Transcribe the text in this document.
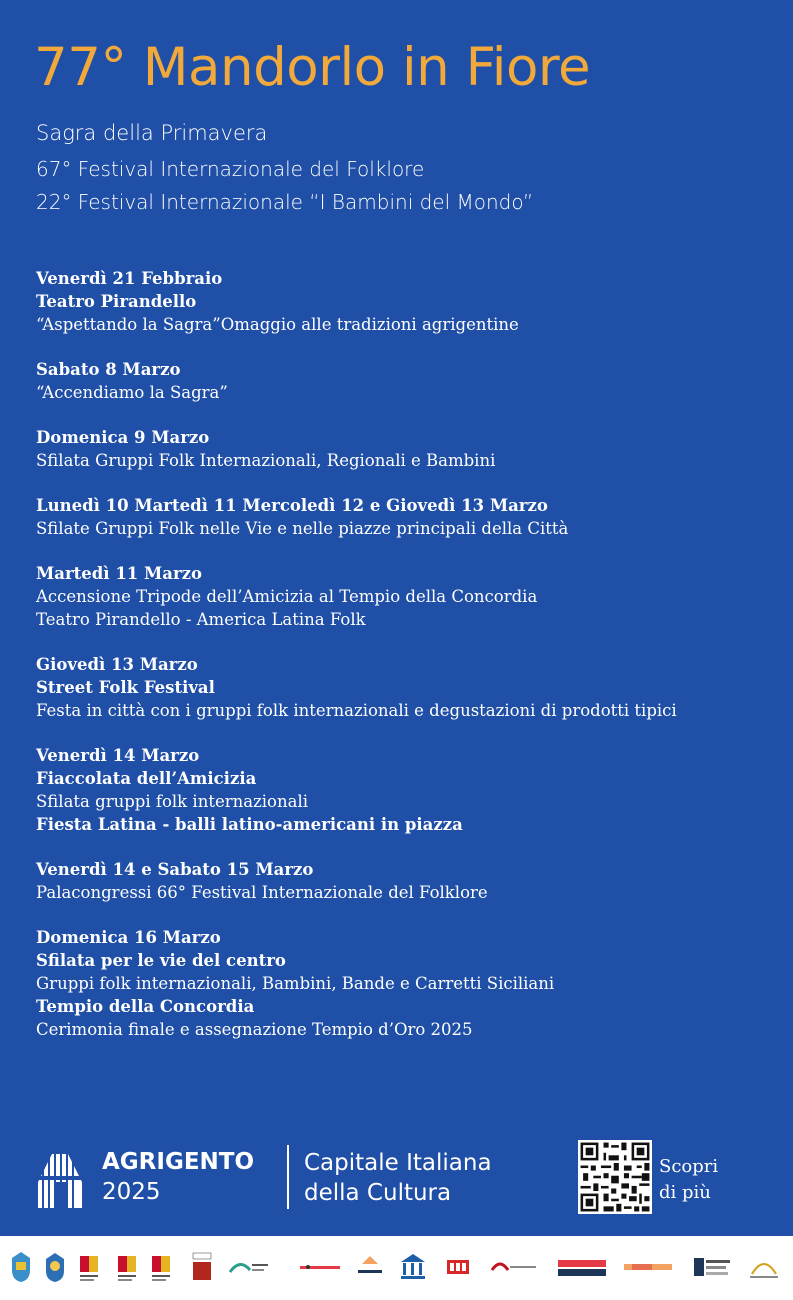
77° Mandorlo in Fiore
Sagra della Primavera
67° Festival Internazionale del Folklore
22° Festival Internazionale “I Bambini del Mondo”
Venerdì 21 Febbraio
Teatro Pirandello
“Aspettando la Sagra”Omaggio alle tradizioni agrigentine
Sabato 8 Marzo
“Accendiamo la Sagra”
Domenica 9 Marzo
Sfilata Gruppi Folk Internazionali, Regionali e Bambini
Lunedì 10 Martedì 11 Mercoledì 12 e Giovedì 13 Marzo
Sfilate Gruppi Folk nelle Vie e nelle piazze principali della Città
Martedì 11 Marzo
Accensione Tripode dell’Amicizia al Tempio della Concordia
Teatro Pirandello - America Latina Folk
Giovedì 13 Marzo
Street Folk Festival
Festa in città con i gruppi folk internazionali e degustazioni di prodotti tipici
Venerdì 14 Marzo
Fiaccolata dell’Amicizia
Sfilata gruppi folk internazionali
Fiesta Latina - balli latino-americani in piazza
Venerdì 14 e Sabato 15 Marzo
Palacongressi 66° Festival Internazionale del Folklore
Domenica 16 Marzo
Sfilata per le vie del centro
Gruppi folk internazionali, Bambini, Bande e Carretti Siciliani
Tempio della Concordia
Cerimonia finale e assegnazione Tempio d’Oro 2025
AGRIGENTO
2025
Capitale Italiana
della Cultura
Scopri
di più
